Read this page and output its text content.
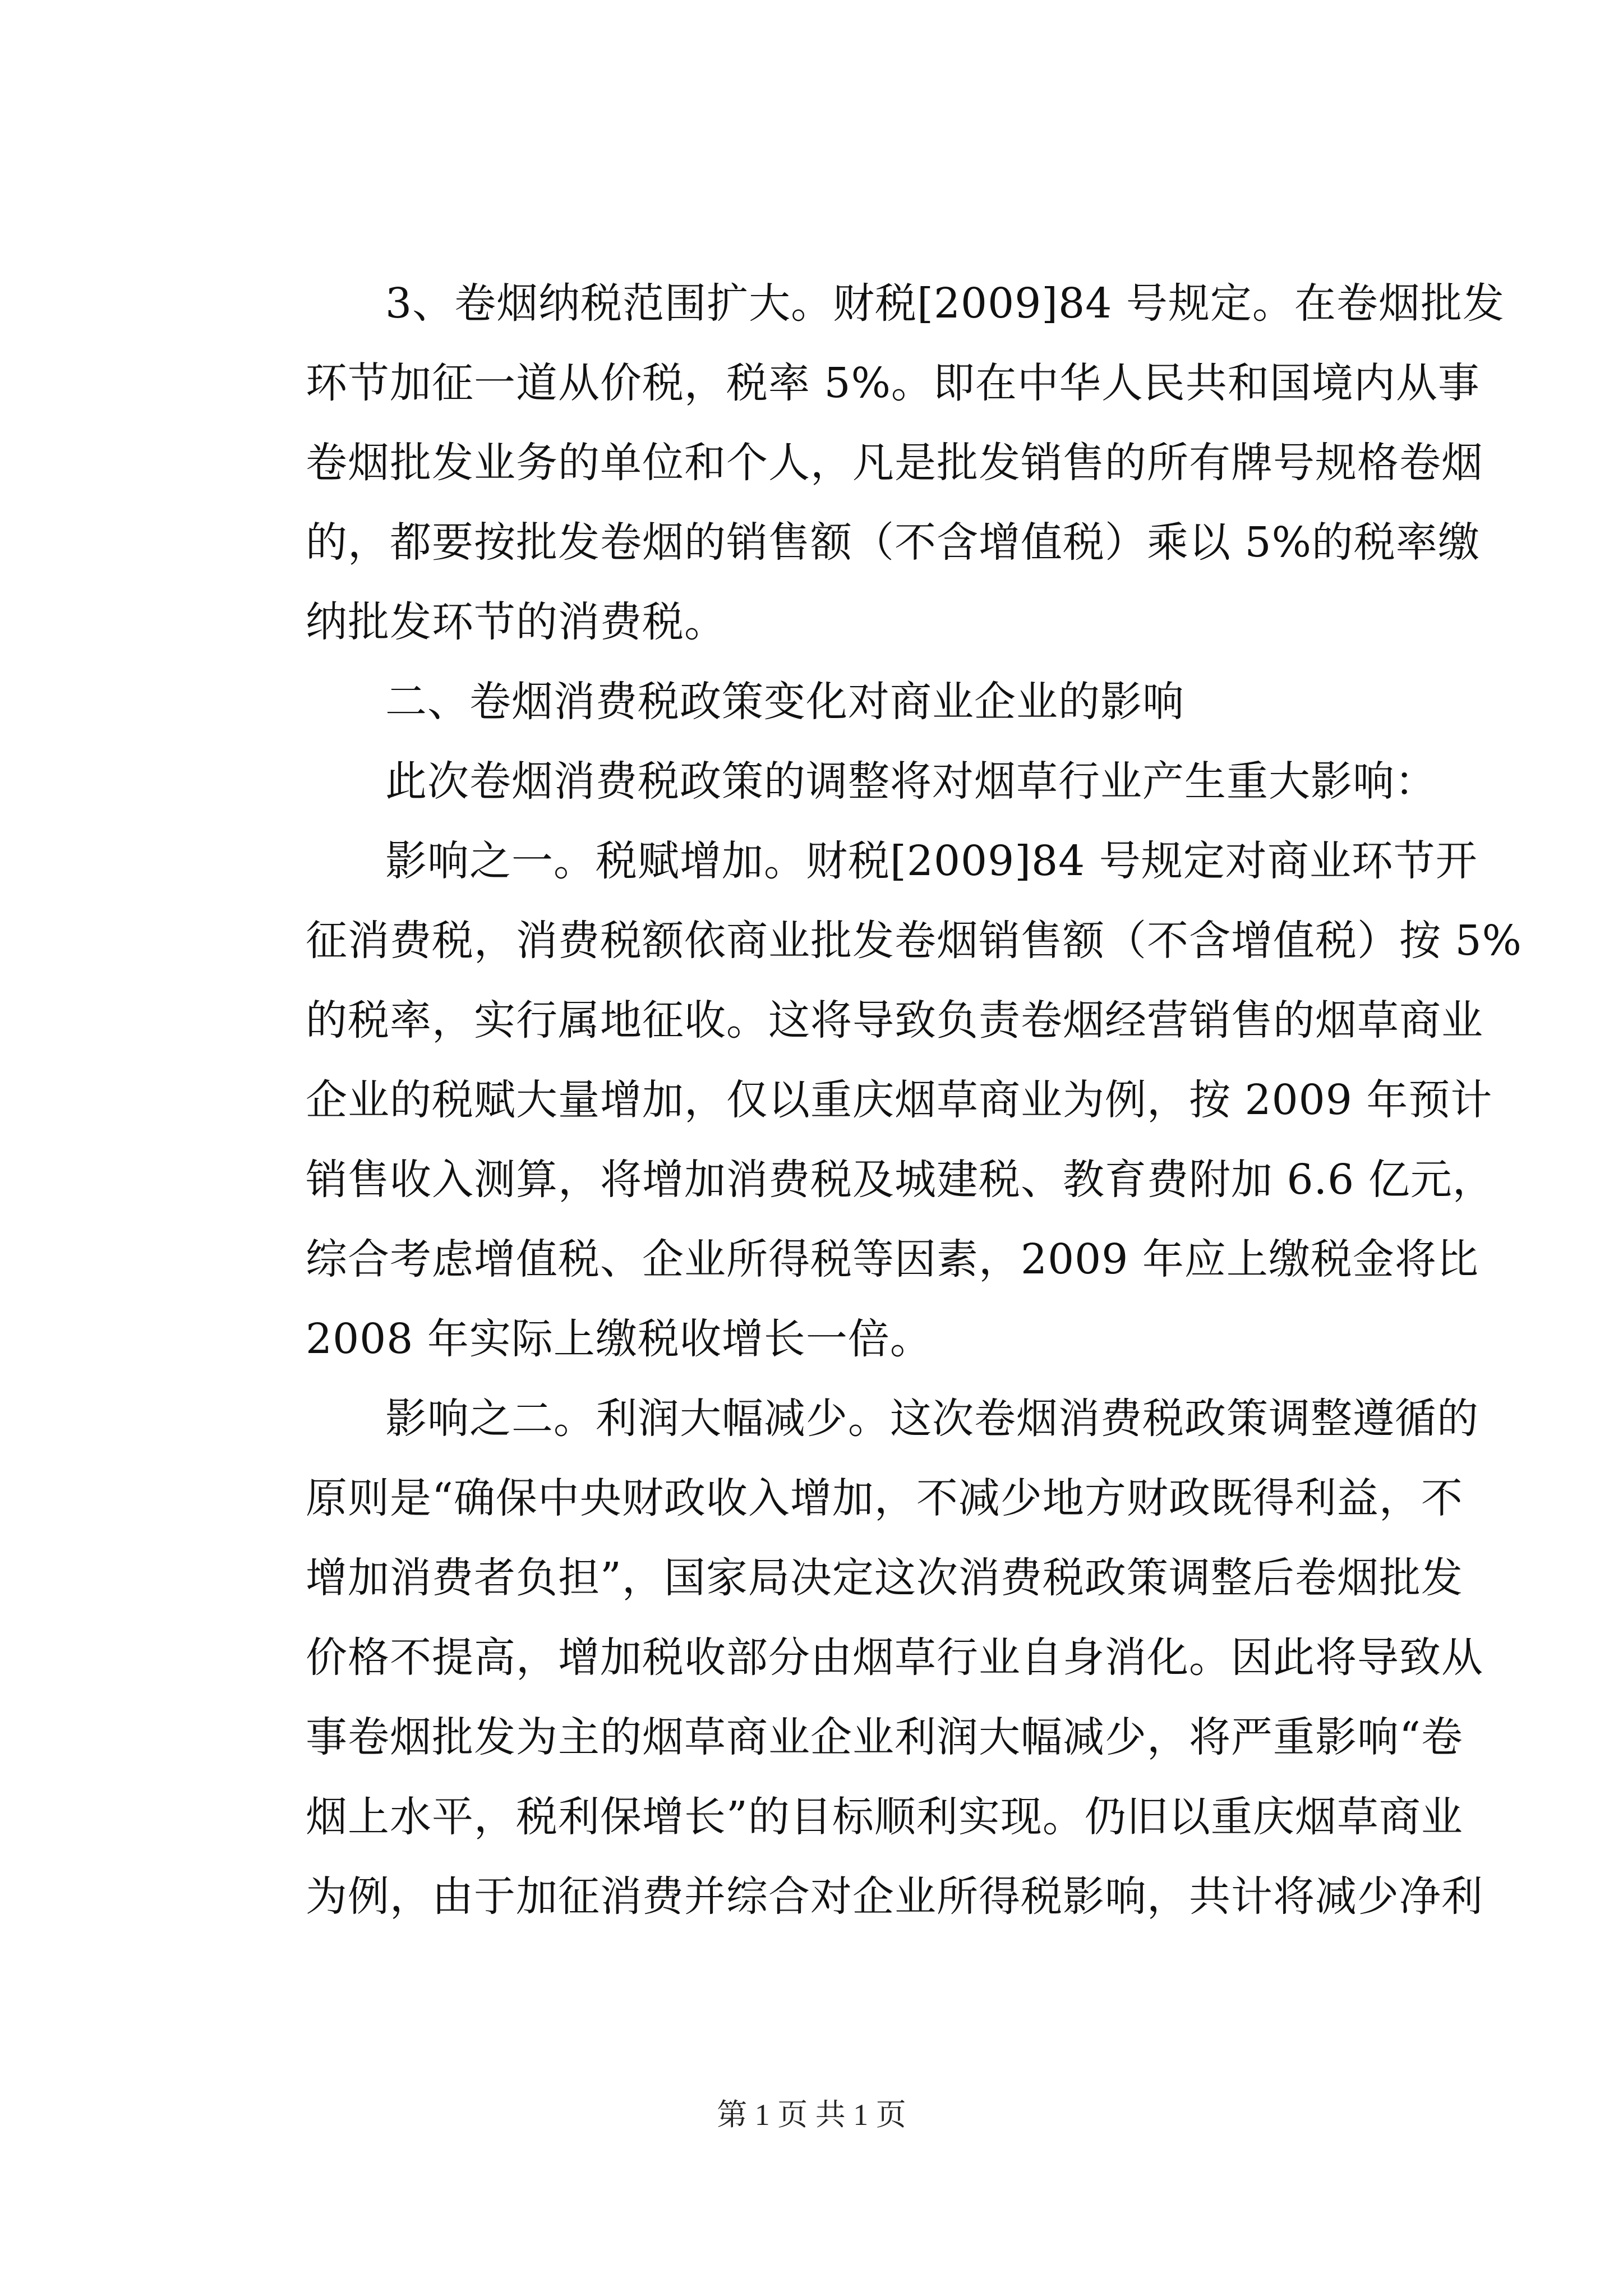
3、卷烟纳税范围扩大。财税[2009]84 号规定。在卷烟批发
环节加征一道从价税，税率 5%。即在中华人民共和国境内从事
卷烟批发业务的单位和个人，凡是批发销售的所有牌号规格卷烟
的，都要按批发卷烟的销售额（不含增值税）乘以 5%的税率缴
纳批发环节的消费税。
二、卷烟消费税政策变化对商业企业的影响
此次卷烟消费税政策的调整将对烟草行业产生重大影响：
影响之一。税赋增加。财税[2009]84 号规定对商业环节开
征消费税，消费税额依商业批发卷烟销售额（不含增值税）按 5%
的税率，实行属地征收。这将导致负责卷烟经营销售的烟草商业
企业的税赋大量增加，仅以重庆烟草商业为例，按 2009 年预计
销售收入测算，将增加消费税及城建税、教育费附加 6.6 亿元，
综合考虑增值税、企业所得税等因素，2009 年应上缴税金将比
2008 年实际上缴税收增长一倍。
影响之二。利润大幅减少。这次卷烟消费税政策调整遵循的
原则是“确保中央财政收入增加，不减少地方财政既得利益，不
增加消费者负担”，国家局决定这次消费税政策调整后卷烟批发
价格不提高，增加税收部分由烟草行业自身消化。因此将导致从
事卷烟批发为主的烟草商业企业利润大幅减少，将严重影响“卷
烟上水平，税利保增长”的目标顺利实现。仍旧以重庆烟草商业
为例，由于加征消费并综合对企业所得税影响，共计将减少净利
第 1 页 共 1 页
